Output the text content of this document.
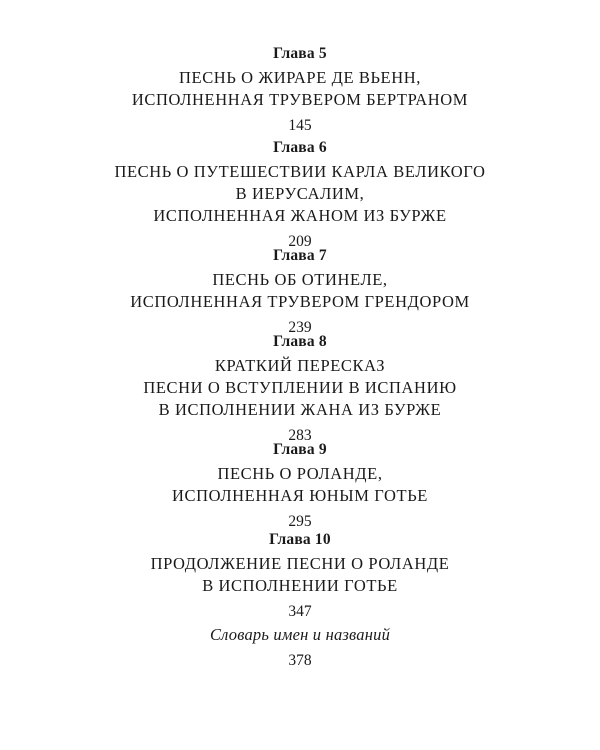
Глава 5
ПЕСНЬ О ЖИРАРЕ ДЕ ВЬЕНН,
ИСПОЛНЕННАЯ ТРУВЕРОМ БЕРТРАНОМ
145
Глава 6
ПЕСНЬ О ПУТЕШЕСТВИИ КАРЛА ВЕЛИКОГО
В ИЕРУСАЛИМ,
ИСПОЛНЕННАЯ ЖАНОМ ИЗ БУРЖЕ
209
Глава 7
ПЕСНЬ ОБ ОТИНЕЛЕ,
ИСПОЛНЕННАЯ ТРУВЕРОМ ГРЕНДОРОМ
239
Глава 8
КРАТКИЙ ПЕРЕСКАЗ
ПЕСНИ О ВСТУПЛЕНИИ В ИСПАНИЮ
В ИСПОЛНЕНИИ ЖАНА ИЗ БУРЖЕ
283
Глава 9
ПЕСНЬ О РОЛАНДЕ,
ИСПОЛНЕННАЯ ЮНЫМ ГОТЬЕ
295
Глава 10
ПРОДОЛЖЕНИЕ ПЕСНИ О РОЛАНДЕ
В ИСПОЛНЕНИИ ГОТЬЕ
347
Словарь имен и названий
378
